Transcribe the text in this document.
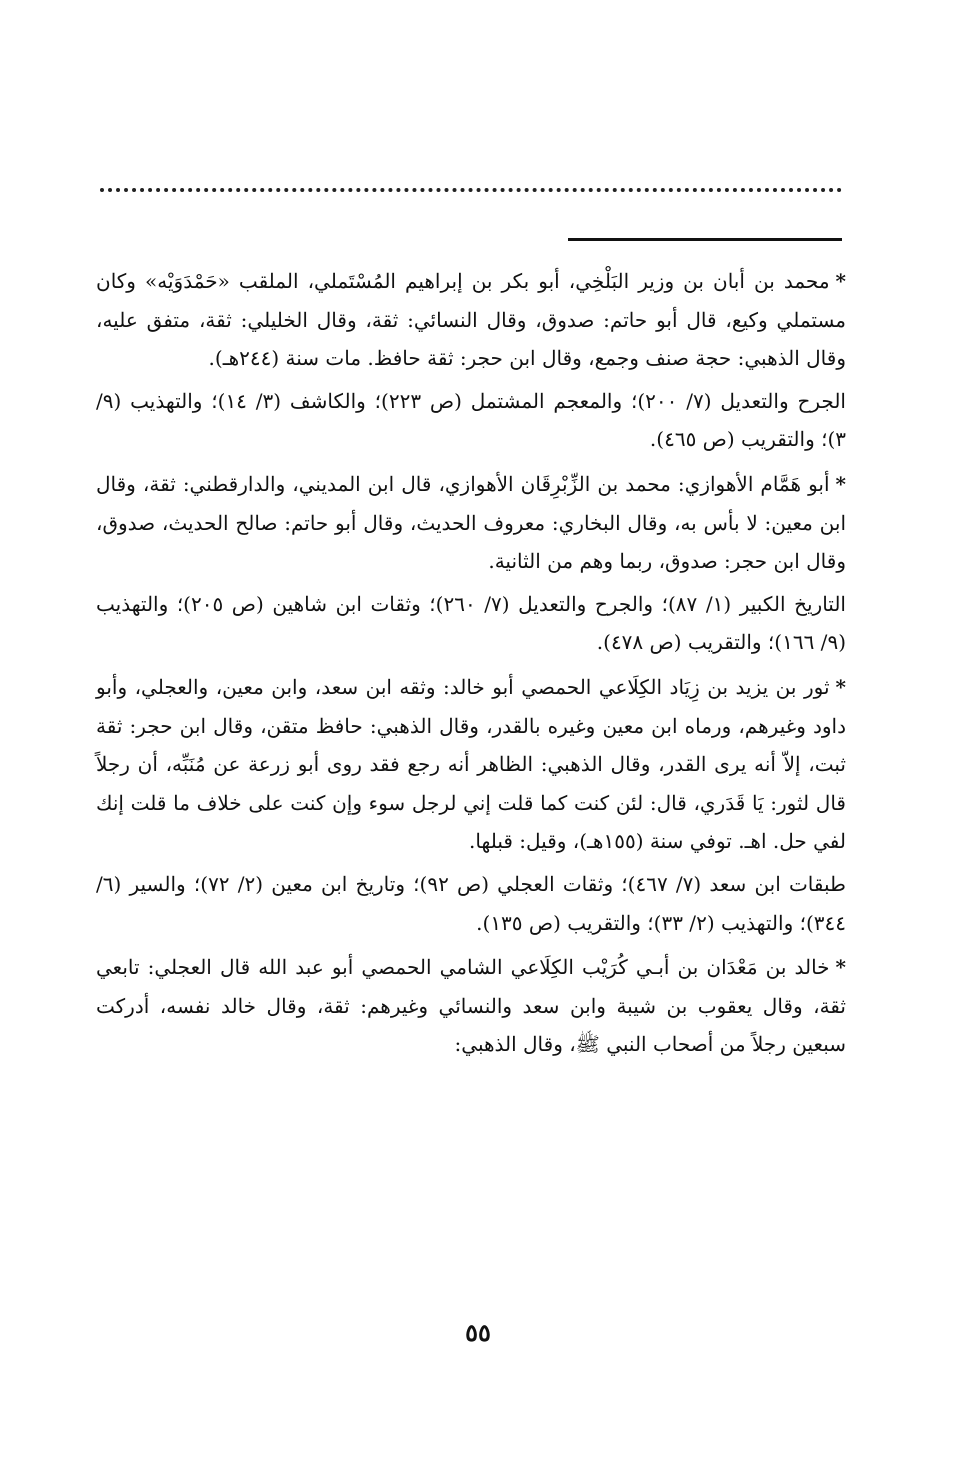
*محمد بن أبان بن وزير البَلْخِي، أبو بكر بن إبراهيم المُسْتَملي، الملقب «حَمْدَوَيْه» وكان مستملي وكيع، قال أبو حاتم: صدوق، وقال النسائي: ثقة، وقال الخليلي: ثقة، متفق عليه، وقال الذهبي: حجة صنف وجمع، وقال ابن حجر: ثقة حافظ. مات سنة (٢٤٤هـ).

الجرح والتعديل (٧/ ٢٠٠)؛ والمعجم المشتمل (ص ٢٢٣)؛ والكاشف (٣/ ١٤)؛ والتهذيب (٩/ ٣)؛ والتقريب (ص ٤٦٥).

*أبو هَمَّام الأهوازي: محمد بن الزِّبْرِقَان الأهوازي، قال ابن المديني، والدارقطني: ثقة، وقال ابن معين: لا بأس به، وقال البخاري: معروف الحديث، وقال أبو حاتم: صالح الحديث، صدوق، وقال ابن حجر: صدوق، ربما وهم من الثانية.

التاريخ الكبير (١/ ٨٧)؛ والجرح والتعديل (٧/ ٢٦٠)؛ وثقات ابن شاهين (ص ٢٠٥)؛ والتهذيب (٩/ ١٦٦)؛ والتقريب (ص ٤٧٨).

*ثور بن يزيد بن زِيَاد الكِلَاعي الحمصي أبو خالد: وثقه ابن سعد، وابن معين، والعجلي، وأبو داود وغيرهم، ورماه ابن معين وغيره بالقدر، وقال الذهبي: حافظ متقن، وقال ابن حجر: ثقة ثبت، إلاّ أنه يرى القدر، وقال الذهبي: الظاهر أنه رجع فقد روى أبو زرعة عن مُنَبِّه، أن رجلاً قال لثور: يَا قَدَري، قال: لئن كنت كما قلت إني لرجل سوء وإن كنت على خلاف ما قلت إنك لفي حل. اهـ. توفي سنة (١٥٥هـ)، وقيل: قبلها.

طبقات ابن سعد (٧/ ٤٦٧)؛ وثقات العجلي (ص ٩٢)؛ وتاريخ ابن معين (٢/ ٧٢)؛ والسير (٦/ ٣٤٤)؛ والتهذيب (٢/ ٣٣)؛ والتقريب (ص ١٣٥).

*خالد بن مَعْدَان بن أبـي كُرَيْب الكِلَاعي الشامي الحمصي أبو عبد الله قال العجلي: تابعي ثقة، وقال يعقوب بن شيبة وابن سعد والنسائي وغيرهم: ثقة، وقال خالد نفسه، أدركت سبعين رجلاً من أصحاب النبي ﷺ، وقال الذهبي:

٥٥
